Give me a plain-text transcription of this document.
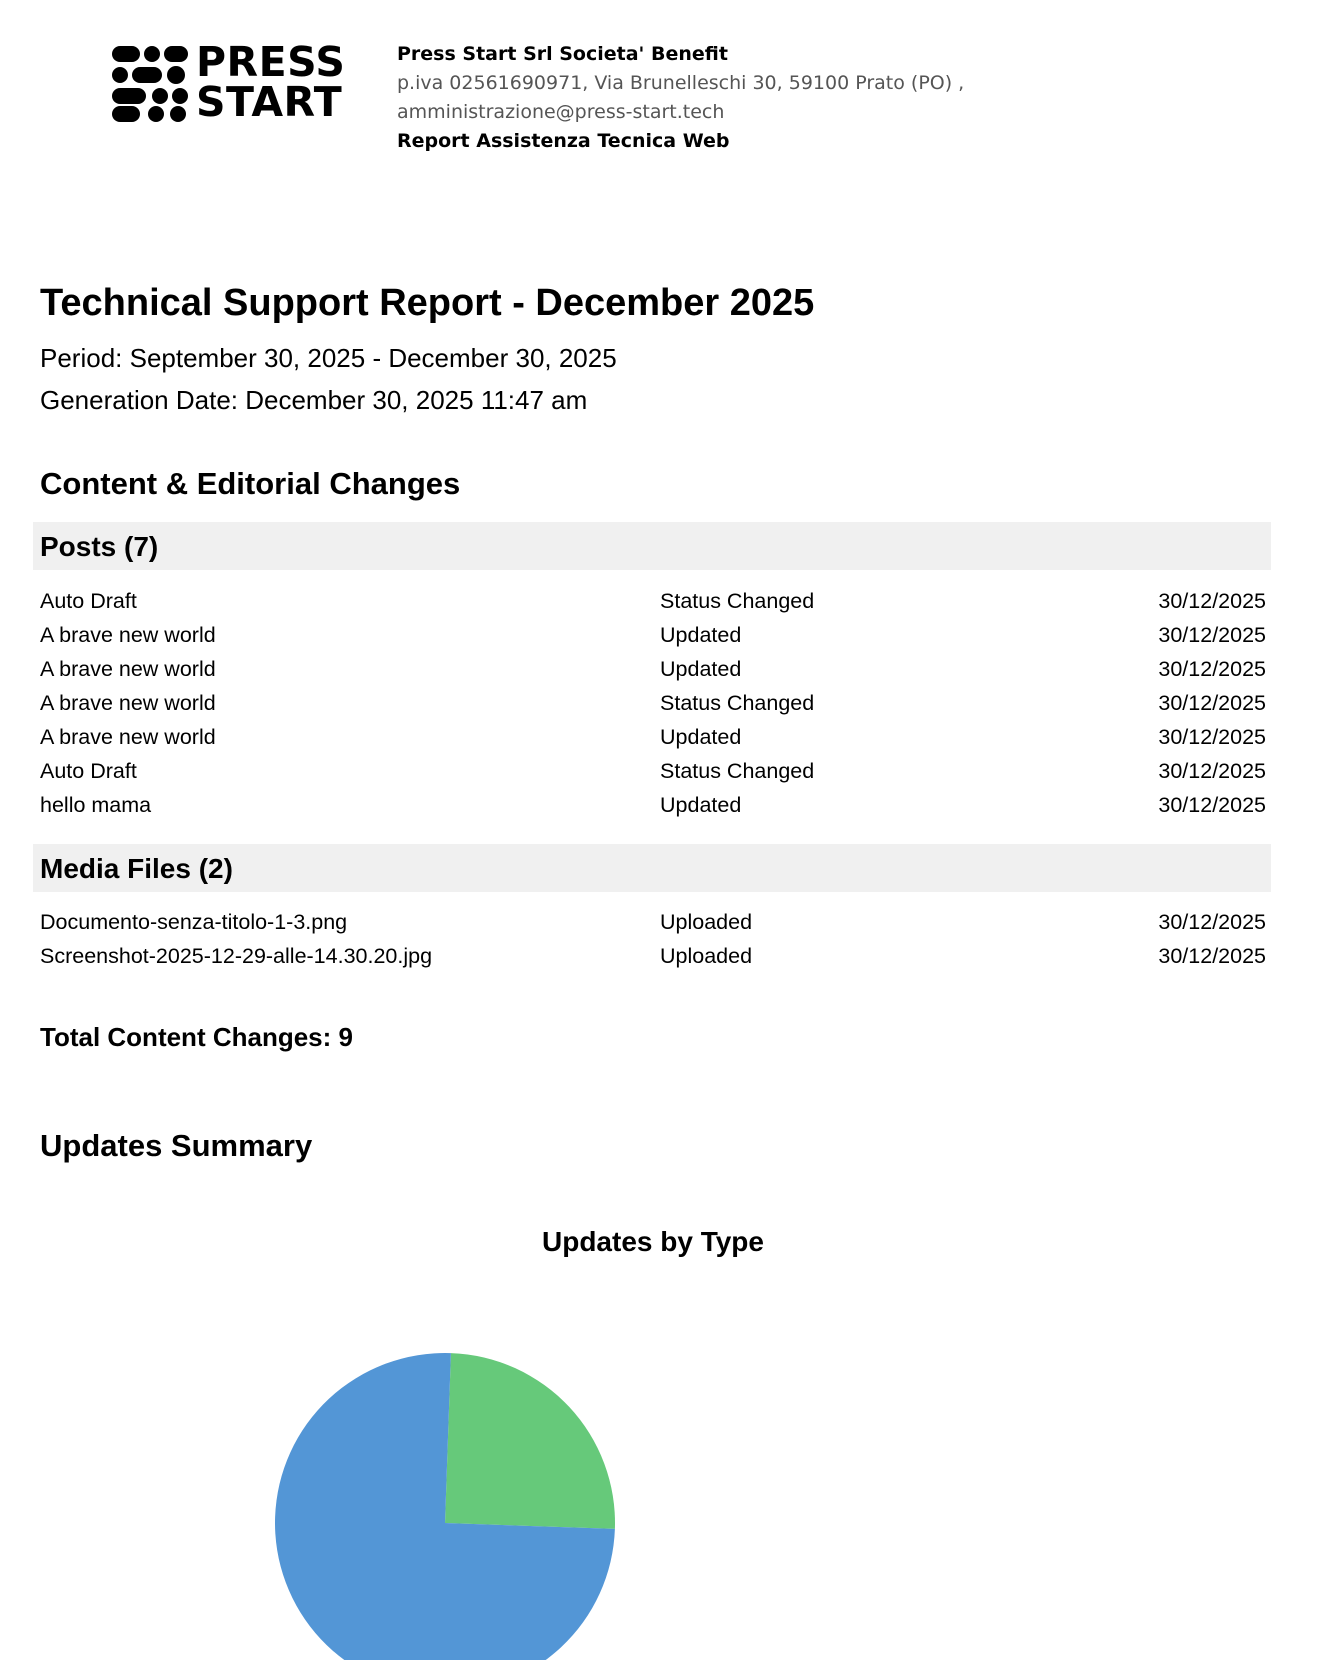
PRESS
START
Press Start Srl Societa' Benefit
p.iva 02561690971, Via Brunelleschi 30, 59100 Prato (PO) ,
amministrazione@press-start.tech
Report Assistenza Tecnica Web
Technical Support Report - December 2025
Period: September 30, 2025 - December 30, 2025
Generation Date: December 30, 2025 11:47 am
Content & Editorial Changes
Posts (7)
Auto Draft	Status Changed	30/12/2025
A brave new world	Updated	30/12/2025
A brave new world	Updated	30/12/2025
A brave new world	Status Changed	30/12/2025
A brave new world	Updated	30/12/2025
Auto Draft	Status Changed	30/12/2025
hello mama	Updated	30/12/2025
Media Files (2)
Documento-senza-titolo-1-3.png	Uploaded	30/12/2025
Screenshot-2025-12-29-alle-14.30.20.jpg	Uploaded	30/12/2025
Total Content Changes: 9
Updates Summary
Updates by Type
